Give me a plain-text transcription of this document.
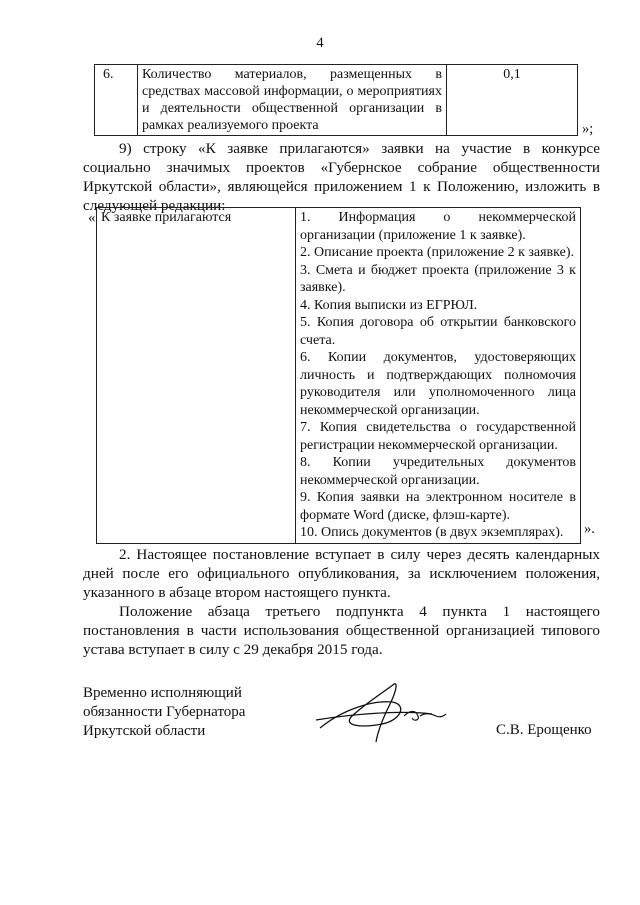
4
6.	Количество материалов, размещенных в средствах массовой информации, о мероприятиях и деятельности общественной организации в рамках реализуемого проекта	0,1
»;
9) строку «К заявке прилагаются» заявки на участие в конкурсе социально значимых проектов «Губернское собрание общественности Иркутской области», являющейся приложением 1 к Положению, изложить в следующей редакции:
« К заявке прилагаются	1. Информация о некоммерческой организации (приложение 1 к заявке).
2. Описание проекта (приложение 2 к заявке).
3. Смета и бюджет проекта (приложение 3 к заявке).
4. Копия выписки из ЕГРЮЛ.
5. Копия договора об открытии банковского счета.
6. Копии документов, удостоверяющих личность и подтверждающих полномочия руководителя или уполномоченного лица некоммерческой организации.
7. Копия свидетельства о государственной регистрации некоммерческой организации.
8. Копии учредительных документов некоммерческой организации.
9. Копия заявки на электронном носителе в формате Word (диске, флэш-карте).
10. Опись документов (в двух экземплярах).	».
2. Настоящее постановление вступает в силу через десять календарных дней после его официального опубликования, за исключением положения, указанного в абзаце втором настоящего пункта.
Положение абзаца третьего подпункта 4 пункта 1 настоящего постановления в части использования общественной организацией типового устава вступает в силу с 29 декабря 2015 года.
Временно исполняющий
обязанности Губернатора
Иркутской области	С.В. Ерощенко
